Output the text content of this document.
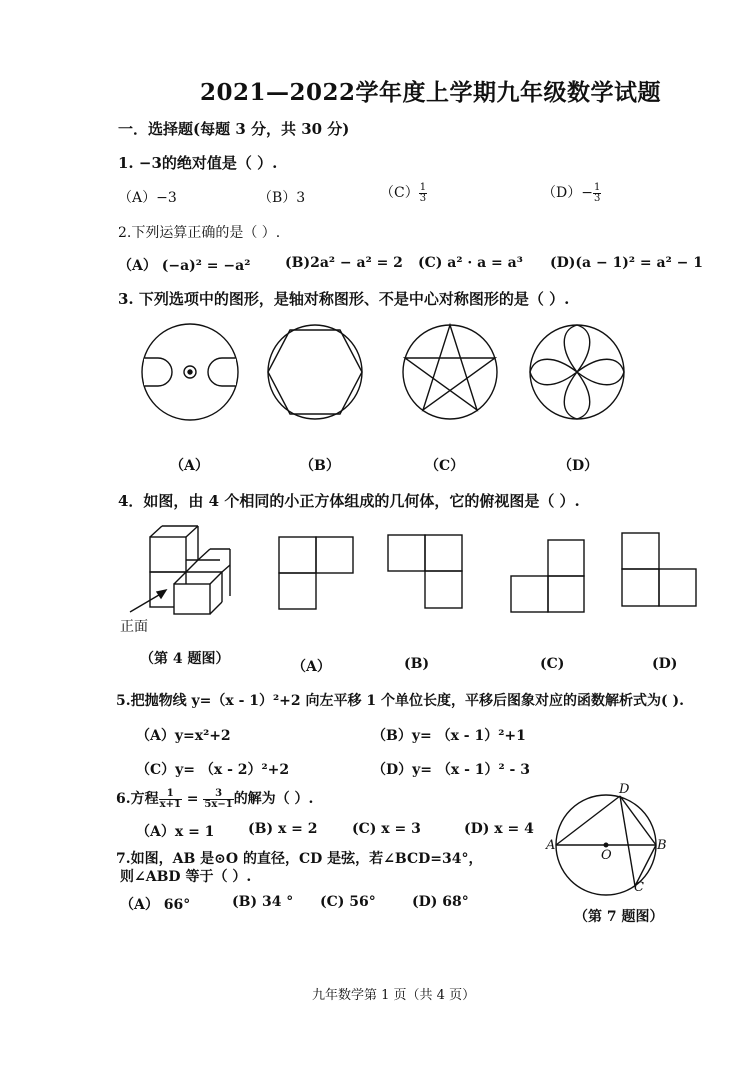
2021—2022学年度上学期九年级数学试题
一．选择题(每题 3 分，共 30 分)
1. −3的绝对值是（ ）.
（A）−3	（B）3	$(C) \frac{1}{3}$	$(D)- \frac{1}{3}$
2.下列运算正确的是（ ）.
（A） (−a)² = −a² (B)2a² − a² = 2 (C) a² · a = a³ (D)(a − 1)² = a² − 1
3. 下列选项中的图形，是轴对称图形、不是中心对称图形的是（ ）.
（A）	（B）	（C）	（D）
4．如图，由 4 个相同的小正方体组成的几何体，它的俯视图是（ ）.
正面
（第 4 题图）	（A）	(B)	(C)	(D)
5.把抛物线 y=（x - 1）²+2 向左平移 1 个单位长度，平移后图象对应的函数解析式为( ).
（A）y=x²+2	（B）y= （x - 1）²+1
（C）y= （x - 2）²+2	（D）y= （x - 1）² - 3
6.方程 $\frac{1}{x+1} = \frac{3}{5x-1}$ 的解为（ ）.
（A）x = 1 (B) x = 2 (C) x = 3	(D) x = 4
7.如图，AB 是⊙O 的直径，CD 是弦，若∠BCD=34°，
则∠ABD 等于（ ）.
（A） 66°	(B) 34 ° (C) 56°	(D) 68°
A	B
C
D
O
（第 7 题图）
九年数学第 1 页（共 4 页）
